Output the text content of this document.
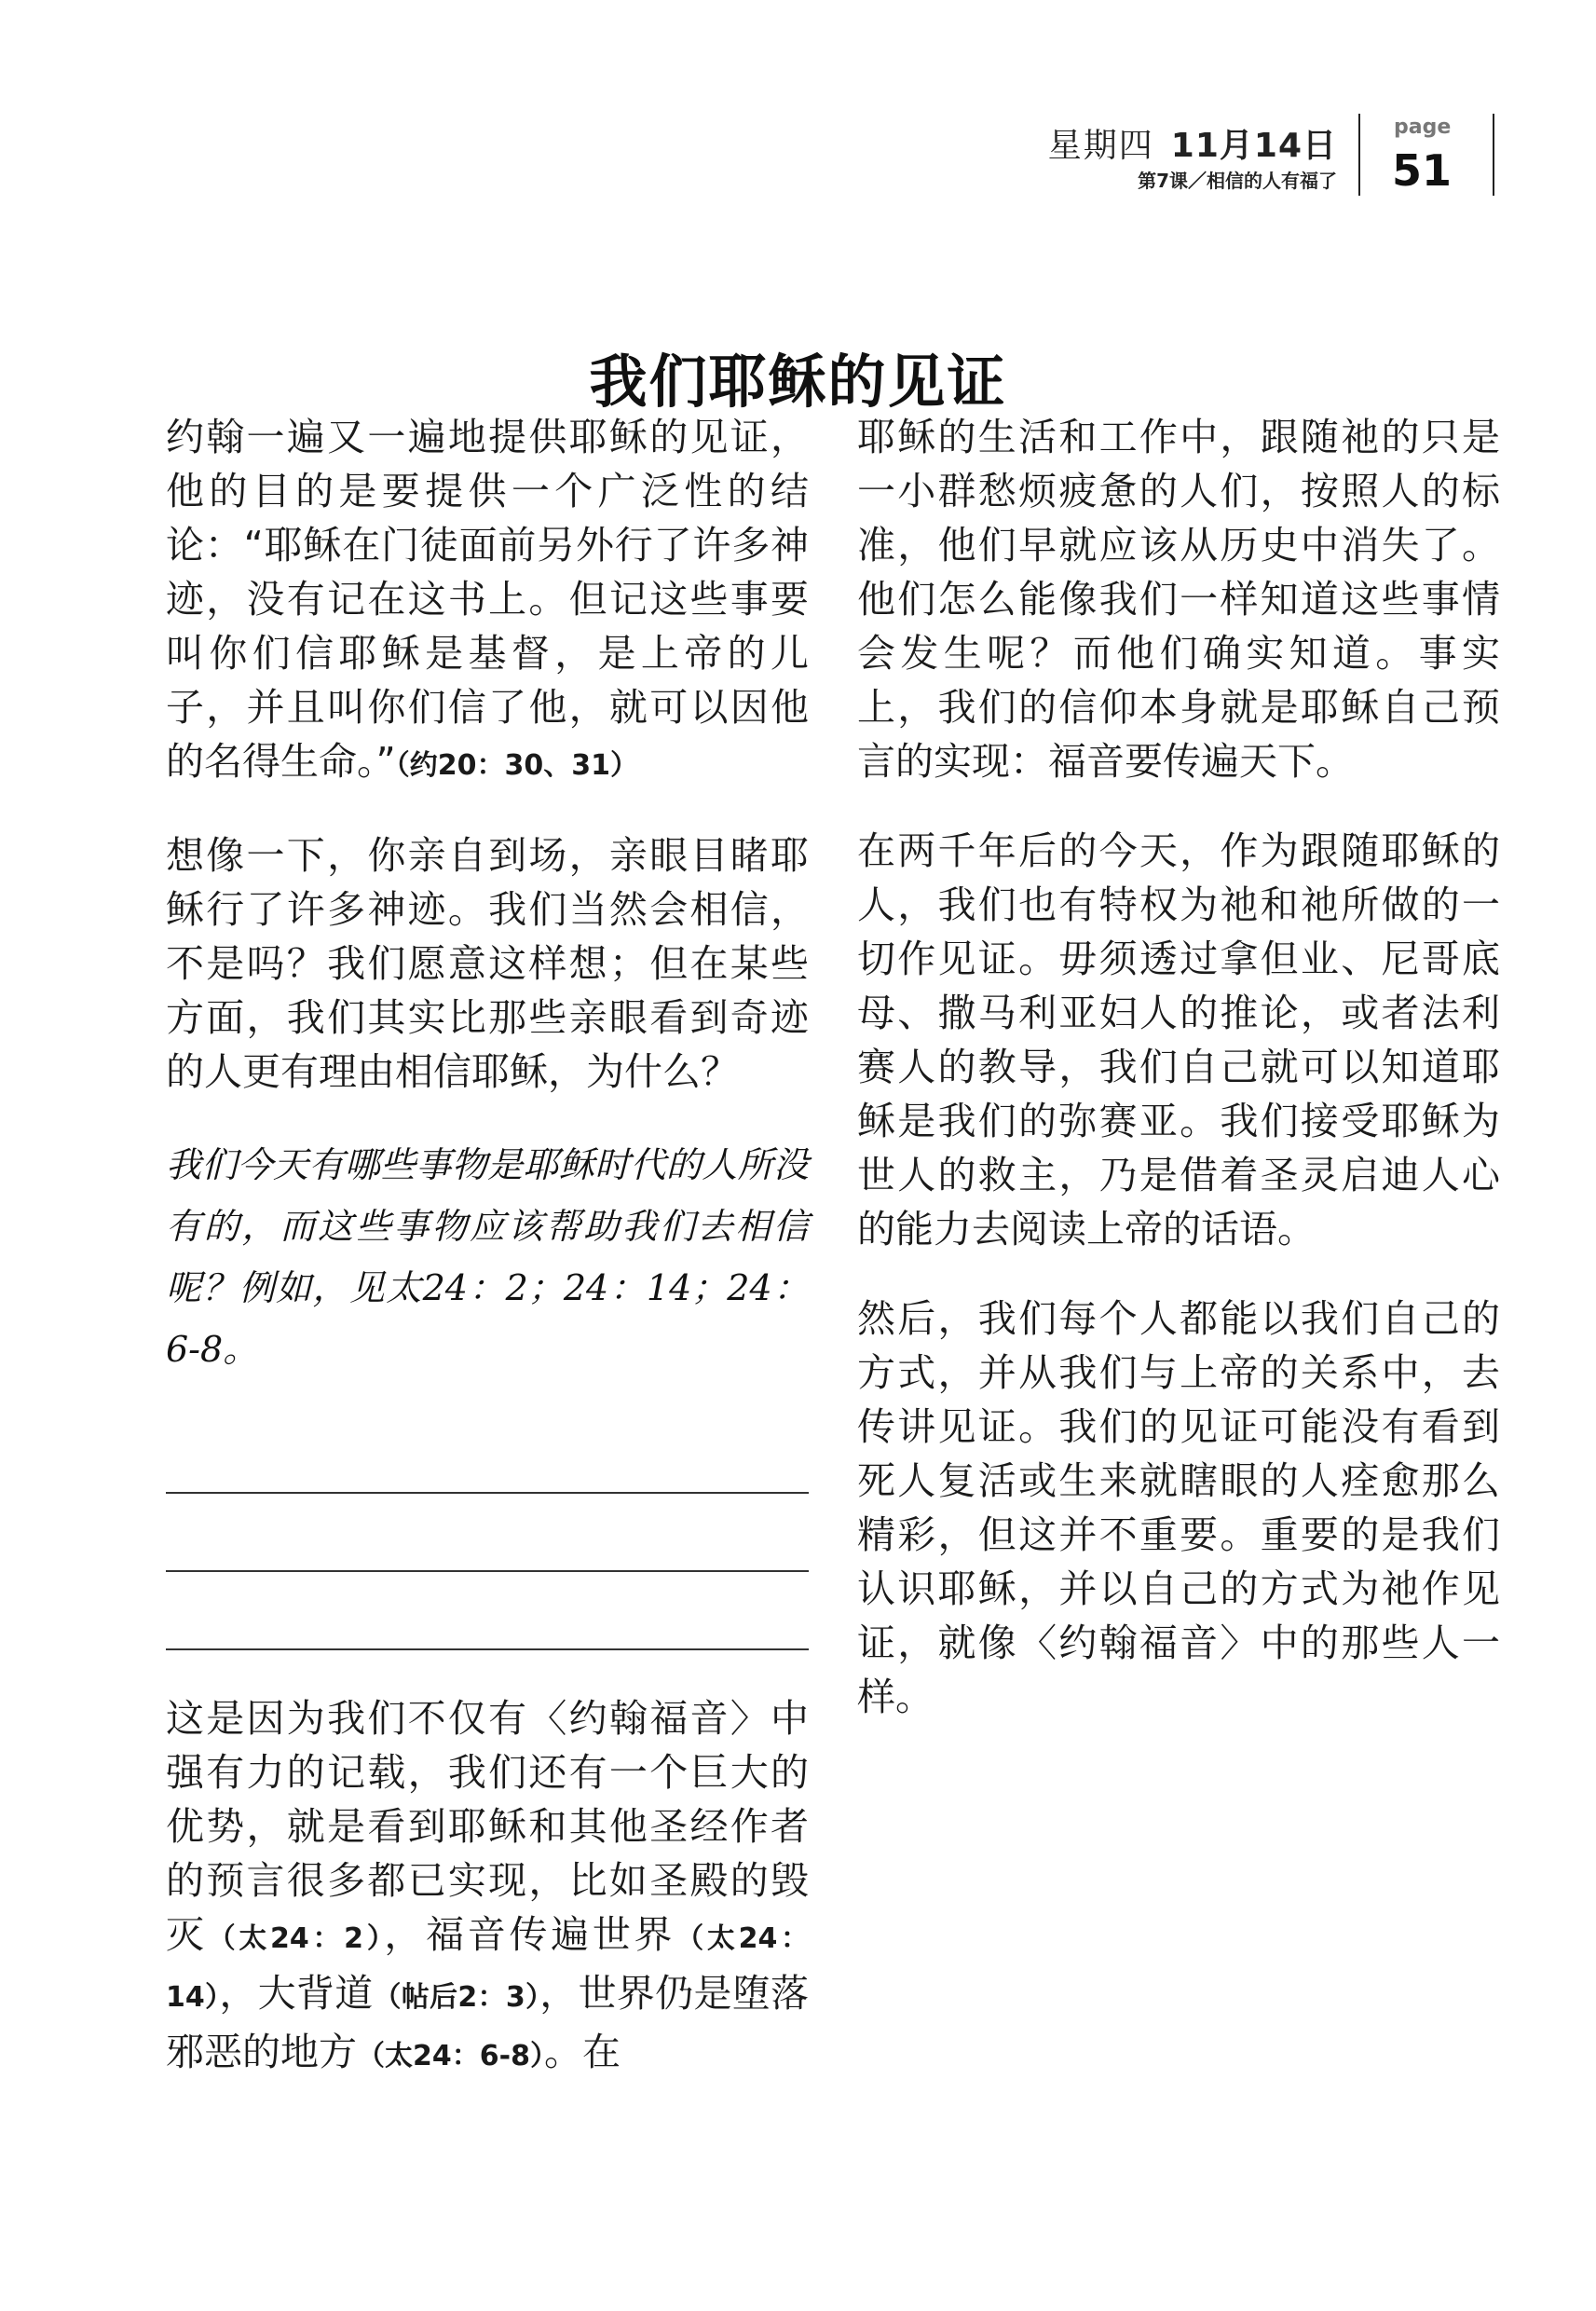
星期四 11月14日
第7课／相信的人有福了
page
51
我们耶稣的见证

约翰一遍又一遍地提供耶稣的见证，他的目的是要提供一个广泛性的结论：“耶稣在门徒面前另外行了许多神迹，没有记在这书上。但记这些事要叫你们信耶稣是基督，是上帝的儿子，并且叫你们信了他，就可以因他的名得生命。”（约20：30、31）

想像一下，你亲自到场，亲眼目睹耶稣行了许多神迹。我们当然会相信，不是吗？我们愿意这样想；但在某些方面，我们其实比那些亲眼看到奇迹的人更有理由相信耶稣，为什么？

我们今天有哪些事物是耶稣时代的人所没有的，而这些事物应该帮助我们去相信呢？例如，见太24：2；24：14；24：6-8。

这是因为我们不仅有〈约翰福音〉中强有力的记载，我们还有一个巨大的优势，就是看到耶稣和其他圣经作者的预言很多都已实现，比如圣殿的毁灭（太24：2），福音传遍世界（太24：14），大背道（帖后2：3），世界仍是堕落邪恶的地方（太24：6-8）。在

耶稣的生活和工作中，跟随祂的只是一小群愁烦疲惫的人们，按照人的标准，他们早就应该从历史中消失了。他们怎么能像我们一样知道这些事情会发生呢？而他们确实知道。事实上，我们的信仰本身就是耶稣自己预言的实现：福音要传遍天下。

在两千年后的今天，作为跟随耶稣的人，我们也有特权为祂和祂所做的一切作见证。毋须透过拿但业、尼哥底母、撒马利亚妇人的推论，或者法利赛人的教导，我们自己就可以知道耶稣是我们的弥赛亚。我们接受耶稣为世人的救主，乃是借着圣灵启迪人心的能力去阅读上帝的话语。

然后，我们每个人都能以我们自己的方式，并从我们与上帝的关系中，去传讲见证。我们的见证可能没有看到死人复活或生来就瞎眼的人痊愈那么精彩，但这并不重要。重要的是我们认识耶稣，并以自己的方式为祂作见证，就像〈约翰福音〉中的那些人一样。
